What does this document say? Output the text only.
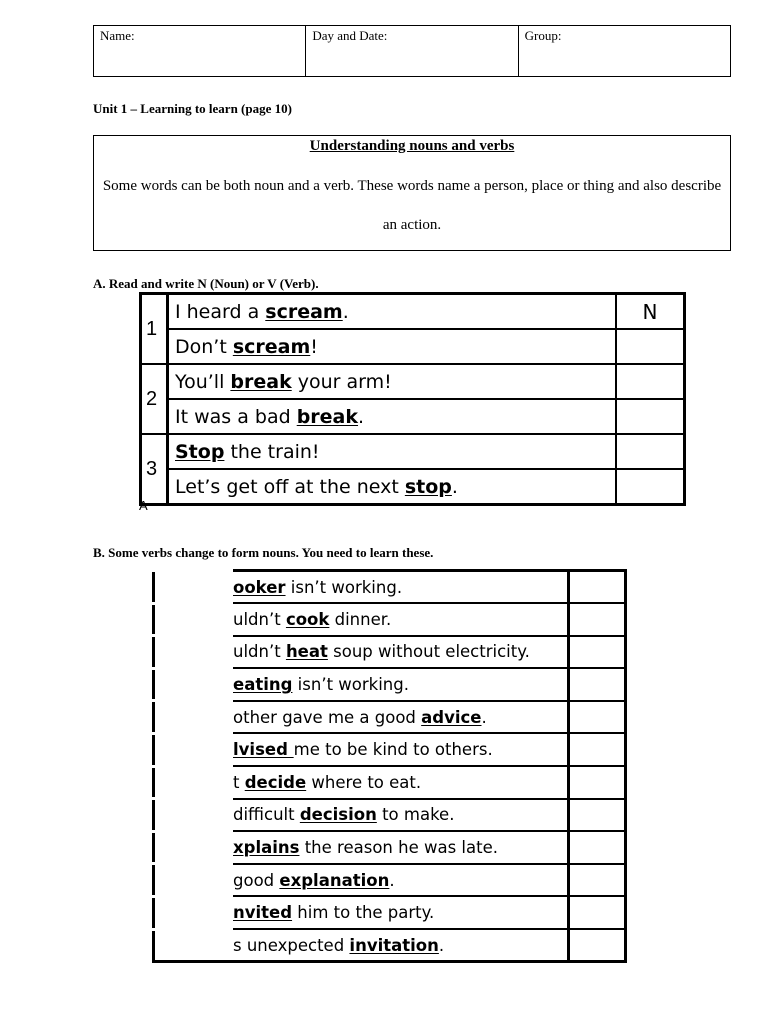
Name:	Day and Date:	Group:
Unit 1 – Learning to learn (page 10)
Understanding nouns and verbs
Some words can be both noun and a verb. These words name a person, place or thing and also describe an action.
A. Read and write N (Noun) or V (Verb).
1	I heard a scream.	N
	Don’t scream!	
2	You’ll break your arm!	
	It was a bad break.	
3	Stop the train!	
	Let’s get off at the next stop.	
A
B. Some verbs change to form nouns. You need to learn these.
	ooker isn’t working.	
	uldn’t cook dinner.	
	uldn’t heat soup without electricity.	
	eating isn’t working.	
	other gave me a good advice.	
	lvised me to be kind to others.	
	t decide where to eat.	
	difficult decision to make.	
	xplains the reason he was late.	
	good explanation.	
	nvited him to the party.	
	s unexpected invitation.	
